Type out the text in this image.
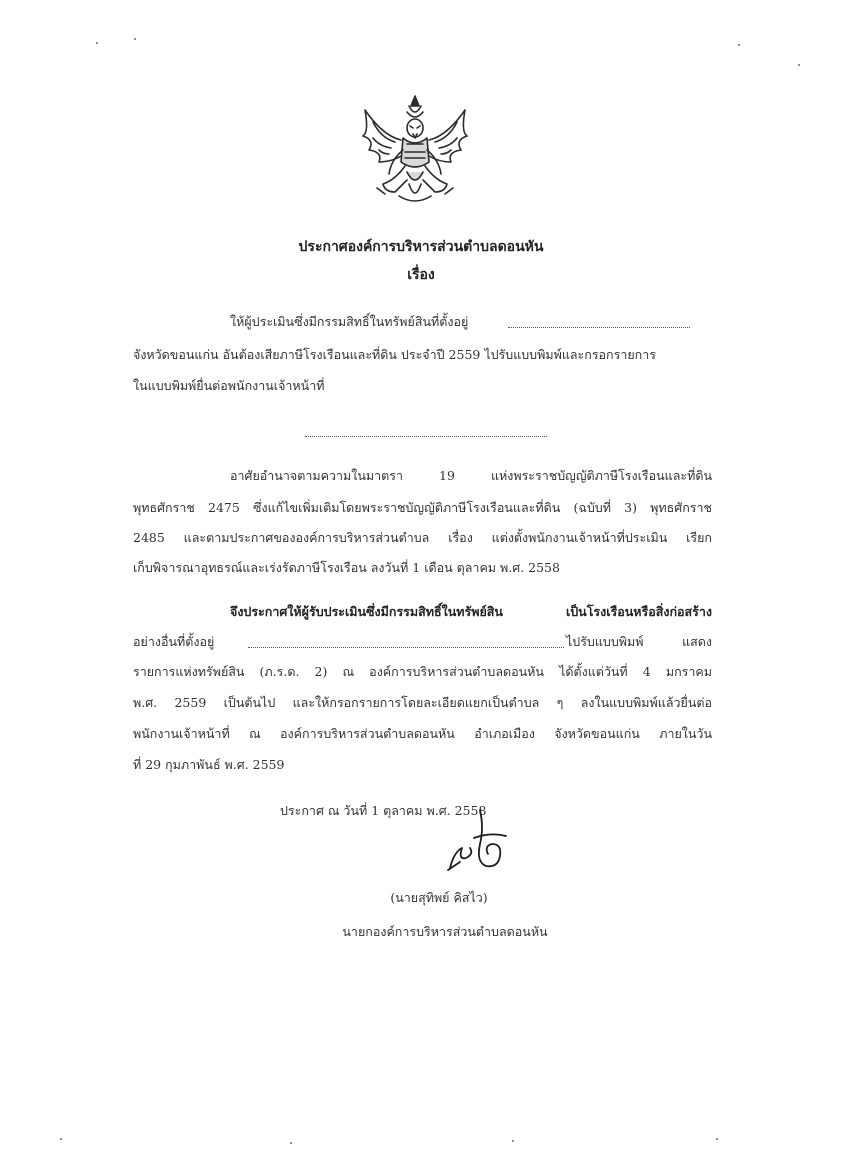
ประกาศองค์การบริหารส่วนตำบลดอนหัน
เรื่อง
ให้ผู้ประเมินซึ่งมีกรรมสิทธิ์ในทรัพย์สินที่ตั้งอยู่
จังหวัดขอนแก่น อันต้องเสียภาษีโรงเรือนและที่ดิน ประจำปี 2559 ไปรับแบบพิมพ์และกรอกรายการ
ในแบบพิมพ์ยื่นต่อพนักงานเจ้าหน้าที่
อาศัยอำนาจตามความในมาตรา 19 แห่งพระราชบัญญัติภาษีโรงเรือนและที่ดิน
พุทธศักราช 2475 ซึ่งแก้ไขเพิ่มเติมโดยพระราชบัญญัติภาษีโรงเรือนและที่ดิน (ฉบับที่ 3) พุทธศักราช
2485 และตามประกาศขององค์การบริหารส่วนตำบล เรื่อง แต่งตั้งพนักงานเจ้าหน้าที่ประเมิน เรียก
เก็บพิจารณาอุทธรณ์และเร่งรัดภาษีโรงเรือน ลงวันที่ 1 เดือน ตุลาคม พ.ศ. 2558
จึงประกาศให้ผู้รับประเมินซึ่งมีกรรมสิทธิ์ในทรัพย์สิน เป็นโรงเรือนหรือสิ่งก่อสร้าง
อย่างอื่นที่ตั้งอยู่	ไปรับแบบพิมพ์ แสดง
รายการแห่งทรัพย์สิน (ภ.ร.ด. 2) ณ องค์การบริหารส่วนตำบลดอนหัน ได้ตั้งแต่วันที่ 4 มกราคม
พ.ศ. 2559 เป็นต้นไป และให้กรอกรายการโดยละเอียดแยกเป็นตำบล ๆ ลงในแบบพิมพ์แล้วยื่นต่อ
พนักงานเจ้าหน้าที่ ณ องค์การบริหารส่วนตำบลดอนหัน อำเภอเมือง จังหวัดขอนแก่น ภายในวัน
ที่ 29 กุมภาพันธ์ พ.ศ. 2559
ประกาศ ณ วันที่ 1 ตุลาคม พ.ศ. 2558
(นายสุทิพย์ คิสไว)
นายกองค์การบริหารส่วนตำบลดอนหัน
